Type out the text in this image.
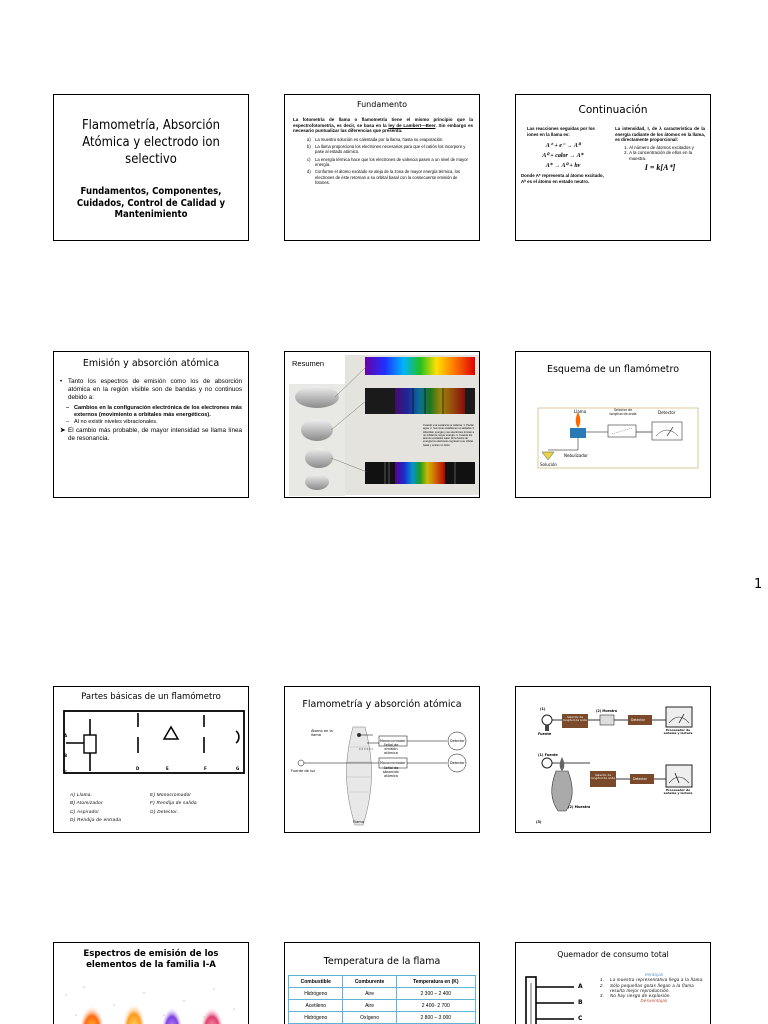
Flamometría, Absorción Atómica y electrodo ion selectivo
Fundamentos, Componentes, Cuidados, Control de Calidad y Mantenimiento
Fundamento
La fotometría de llama o flamometría tiene el mismo principio que la espectrofotometría, es decir, se basa en la ley de Lambert—Beer. Sin embargo es necesario puntualizar las diferencias que presenta.
a)	La muestra solución es calentada por la llama, hasta su evaporación.
b)	La llama proporciona los electrones necesarios para que el catión los incorpore y pase al estado atómico.
c)	La energía térmica hace que los electrones de valencia pasen a un nivel de mayor energía.
d)	Conforme el átomo excitado se aleja de la zona de mayor energía térmica, los electrones de éste retornan a su orbital basal con la consecuente emisión de fotones.
Continuación
Las reacciones seguidas por los iones en la llama es:
A⁺ + e⁻ → A⁰
A⁰ + calor → A*
A* → A⁰ + hν
Donde A* representa al átomo excitado, A⁰ es el átomo en estado neutro.
La intensidad, I, de λ característica de la energía radiante de los átomos en la llama, es directamente proporcional:
1. Al número de átomos excitados y
2. A la concentración de ellos en la muestra.
I = k[A⁺]
Emisión y absorción atómica
• Tanto los espectros de emisión como los de absorción atómica en la región visible son de bandas y no continuos debido a:
– Cambios en la configuración electrónica de los electrones más externos (movimiento a orbitales más energéticos).
– Al no existir niveles vibracionales.
➤ El cambio más probable, de mayor intensidad se llama línea de resonancia.
Resumen
Cuando una sustancia se calienta: 1. Pierde agua. 2. Sus iones establecen en aislados 3. Absorben energía y sus electrones forman a un orbital de mayor energía. 4. Cuando los átomos excitados salen de la fuente de energía los electrones regresan a su orbital basal y emiten un fotón.
Esquema de un flamómetro
Llama	Selector de longitud de onda	Detector
Nebulizador
Solución
Partes básicas de un flamómetro
A
B
C
D	E	F	G
A) Llama.
B) Atomizador
C) Aspirador
D) Rendija de entrada
E) Monocromador
F) Rendija de salida
G) Detector.
Flamometría y absorción atómica
Átomo en la llama
Señal de emisión atómica
Monocromador	Detector
Fuente de luz
Señal de absorción atómica
Monocromador	Detector
Flama
(1)
Fuente
Selector de longitud de onda
(2) Muestra
Detector
Procesador de señales y lectura
(1) Fuente
Selector de longitud de onda	Detector
Procesador de señales y lectura
(2) Muestra
(3)
Espectros de emisión de los elementos de la familia I-A	Temperatura de la flama
Combustible	Comburente	Temperatura en (K)
Hidrógeno	Aire	2 300 – 2 400
Acetileno	Aire	2 400- 2 700
Hidrógeno	Oxígeno	2 800 – 3 000
Quemador de consumo total
A
B
C
Ventajas
1.	La muestra representativa llega a la llama.
2.	Sólo pequeñas gotas llegan a la flama resulta mejor reproducción.
3.	No hay riesgo de explosión.
Desventajas
1
